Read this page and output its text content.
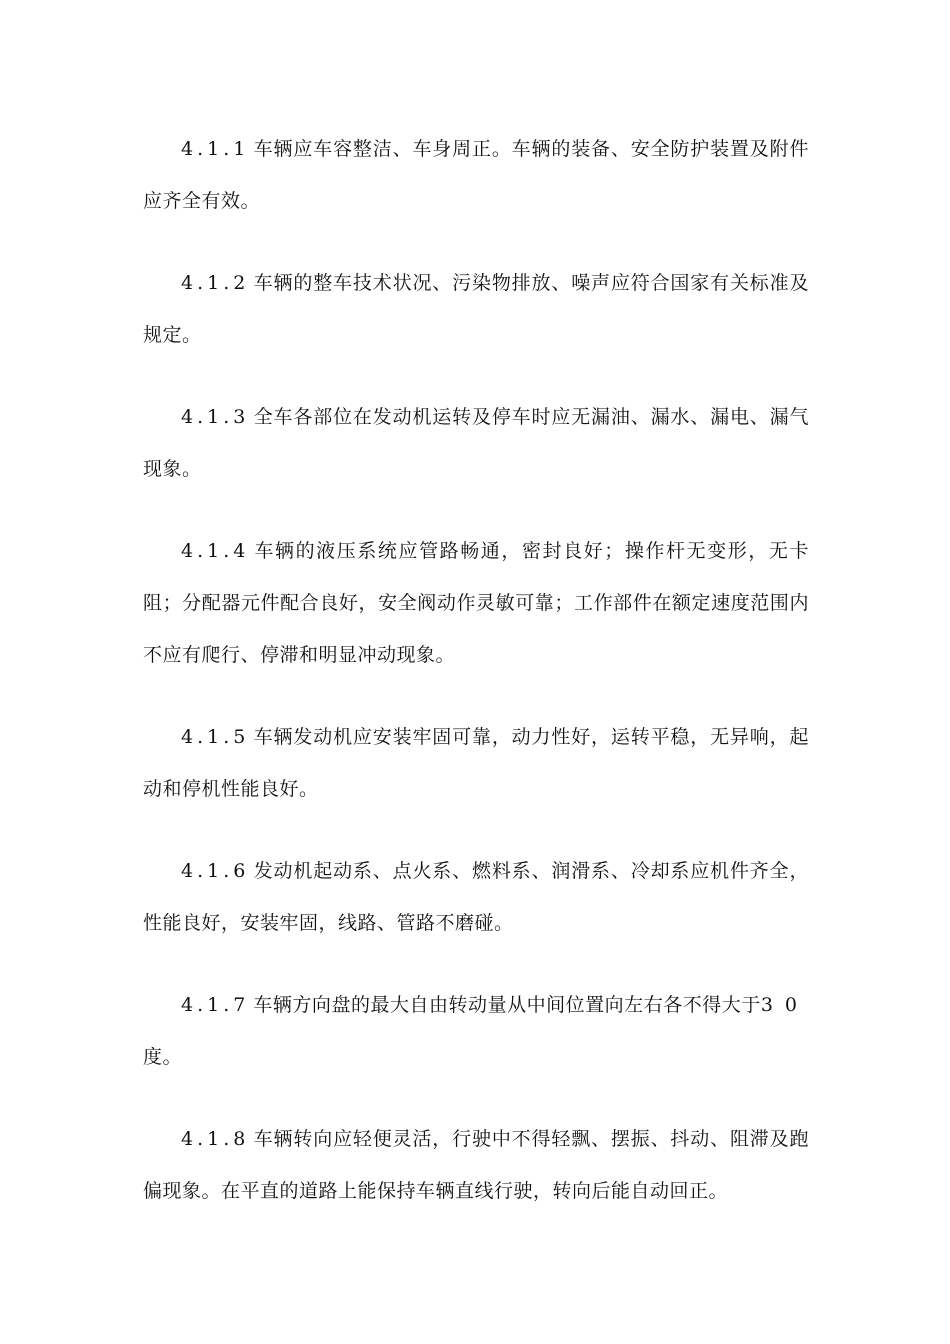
4.1.1 车辆应车容整洁、车身周正。车辆的装备、安全防护装置及附件应齐全有效。

4.1.2 车辆的整车技术状况、污染物排放、噪声应符合国家有关标准及规定。

4.1.3 全车各部位在发动机运转及停车时应无漏油、漏水、漏电、漏气现象。

4.1.4 车辆的液压系统应管路畅通，密封良好；操作杆无变形，无卡阻；分配器元件配合良好，安全阀动作灵敏可靠；工作部件在额定速度范围内不应有爬行、停滞和明显冲动现象。

4.1.5 车辆发动机应安装牢固可靠，动力性好，运转平稳，无异响，起动和停机性能良好。

4.1.6 发动机起动系、点火系、燃料系、润滑系、冷却系应机件齐全，性能良好，安装牢固，线路、管路不磨碰。

4.1.7 车辆方向盘的最大自由转动量从中间位置向左右各不得大于30度。

4.1.8 车辆转向应轻便灵活，行驶中不得轻飘、摆振、抖动、阻滞及跑偏现象。在平直的道路上能保持车辆直线行驶，转向后能自动回正。
